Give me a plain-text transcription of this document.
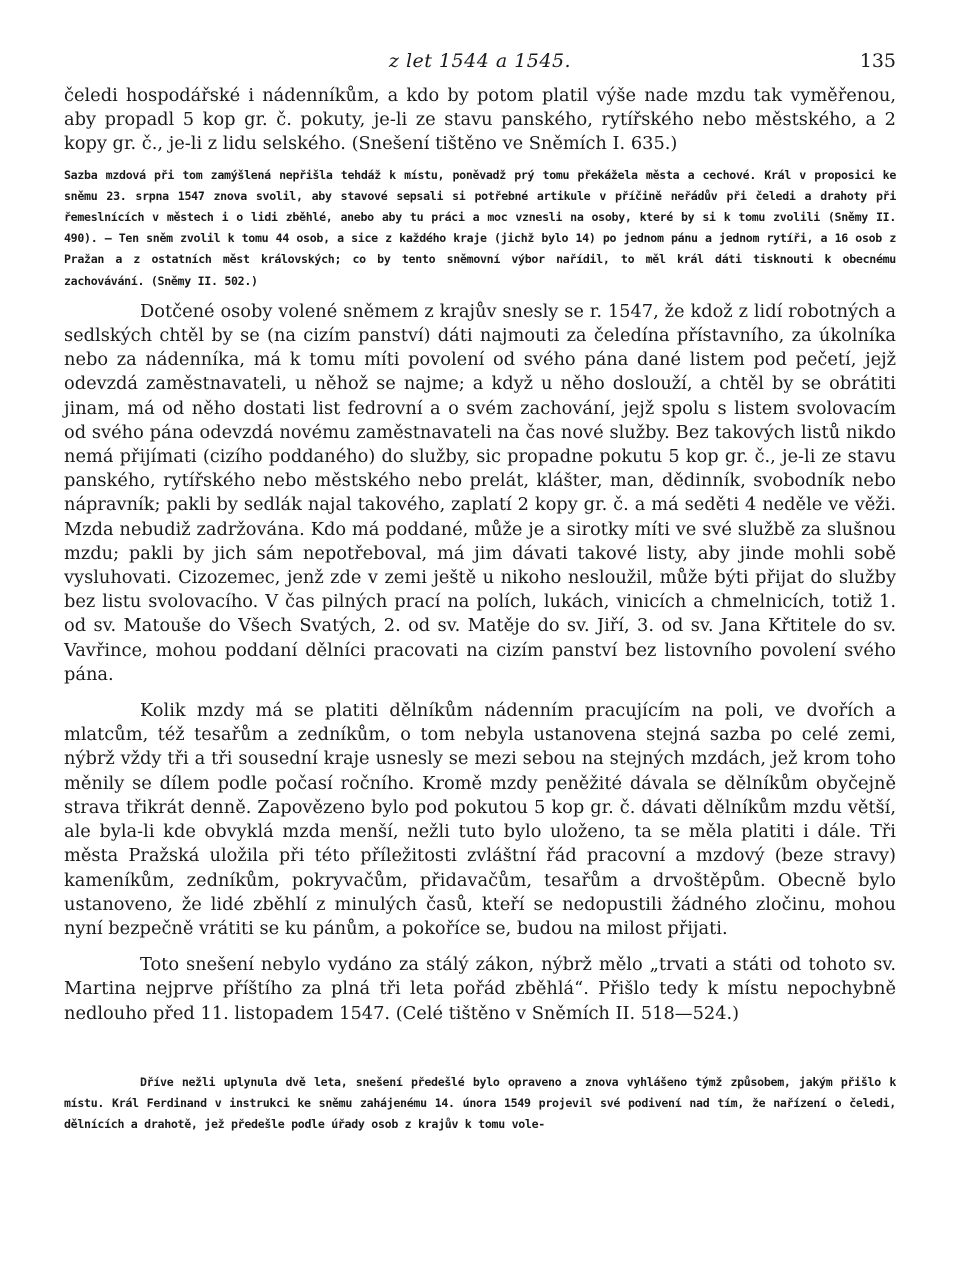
z let 1544 a 1545.	135

čeledi hospodářské i nádenníkům, a kdo by potom platil výše nade mzdu tak vyměřenou, aby propadl 5 kop gr. č. pokuty, je-li ze stavu panského, rytířského nebo městského, a 2 kopy gr. č., je-li z lidu selského. (Snešení tištěno ve Sněmích I. 635.)

Sazba mzdová při tom zamýšlená nepřišla tehdáž k místu, poněvadž prý tomu překážela města a cechové. Král v proposici ke sněmu 23. srpna 1547 znova svolil, aby stavové sepsali si potřebné artikule v příčině neřádův při čeledi a drahoty při řemeslnících v městech i o lidi zběhlé, anebo aby tu práci a moc vznesli na osoby, které by si k tomu zvolili (Sněmy II. 490). — Ten sněm zvolil k tomu 44 osob, a sice z každého kraje (jichž bylo 14) po jednom pánu a jednom rytíři, a 16 osob z Pražan a z ostatních měst královských; co by tento sněmovní výbor nařídil, to měl král dáti tisknouti k obecnému zachovávání. (Sněmy II. 502.)

Dotčené osoby volené sněmem z krajův snesly se r. 1547, že kdož z lidí robotných a sedlských chtěl by se (na cizím panství) dáti najmouti za čeledína přístavního, za úkolníka nebo za nádenníka, má k tomu míti povolení od svého pána dané listem pod pečetí, jejž odevzdá zaměstnavateli, u něhož se najme; a když u něho doslouží, a chtěl by se obrátiti jinam, má od něho dostati list fedrovní a o svém zachování, jejž spolu s listem svolovacím od svého pána odevzdá novému zaměstnavateli na čas nové služby. Bez takových listů nikdo nemá přijímati (cizího poddaného) do služby, sic propadne pokutu 5 kop gr. č., je-li ze stavu panského, rytířského nebo městského nebo prelát, klášter, man, dědinník, svobodník nebo nápravník; pakli by sedlák najal takového, zaplatí 2 kopy gr. č. a má seděti 4 neděle ve věži. Mzda nebudiž zadržována. Kdo má poddané, může je a sirotky míti ve své službě za slušnou mzdu; pakli by jich sám nepotřeboval, má jim dávati takové listy, aby jinde mohli sobě vysluhovati. Cizozemec, jenž zde v zemi ještě u nikoho nesloužil, může býti přijat do služby bez listu svolovacího. V čas pilných prací na polích, lukách, vinicích a chmelnicích, totiž 1. od sv. Matouše do Všech Svatých, 2. od sv. Matěje do sv. Jiří, 3. od sv. Jana Křtitele do sv. Vavřince, mohou poddaní dělníci pracovati na cizím panství bez listovního povolení svého pána.

Kolik mzdy má se platiti dělníkům nádenním pracujícím na poli, ve dvořích a mlatcům, též tesařům a zedníkům, o tom nebyla ustanovena stejná sazba po celé zemi, nýbrž vždy tři a tři sousední kraje usnesly se mezi sebou na stejných mzdách, jež krom toho měnily se dílem podle počasí ročního. Kromě mzdy peněžité dávala se dělníkům obyčejně strava třikrát denně. Zapovězeno bylo pod pokutou 5 kop gr. č. dávati dělníkům mzdu větší, ale byla-li kde obvyklá mzda menší, nežli tuto bylo uloženo, ta se měla platiti i dále. Tři města Pražská uložila při této příležitosti zvláštní řád pracovní a mzdový (beze stravy) kameníkům, zedníkům, pokryvačům, přidavačům, tesařům a drvoštěpům. Obecně bylo ustanoveno, že lidé zběhlí z minulých časů, kteří se nedopustili žádného zločinu, mohou nyní bezpečně vrátiti se ku pánům, a pokoříce se, budou na milost přijati.

Toto snešení nebylo vydáno za stálý zákon, nýbrž mělo „trvati a státi od tohoto sv. Martina nejprve příštího za plná tři leta pořád zběhlá“. Přišlo tedy k místu nepochybně nedlouho před 11. listopadem 1547. (Celé tištěno v Sněmích II. 518—524.)

Dříve nežli uplynula dvě leta, snešení předešlé bylo opraveno a znova vyhlášeno týmž způsobem, jakým přišlo k místu. Král Ferdinand v instrukci ke sněmu zahájenému 14. února 1549 projevil své podivení nad tím, že nařízení o čeledi, dělnících a drahotě, jež předešle podle úřady osob z krajův k tomu vole-
